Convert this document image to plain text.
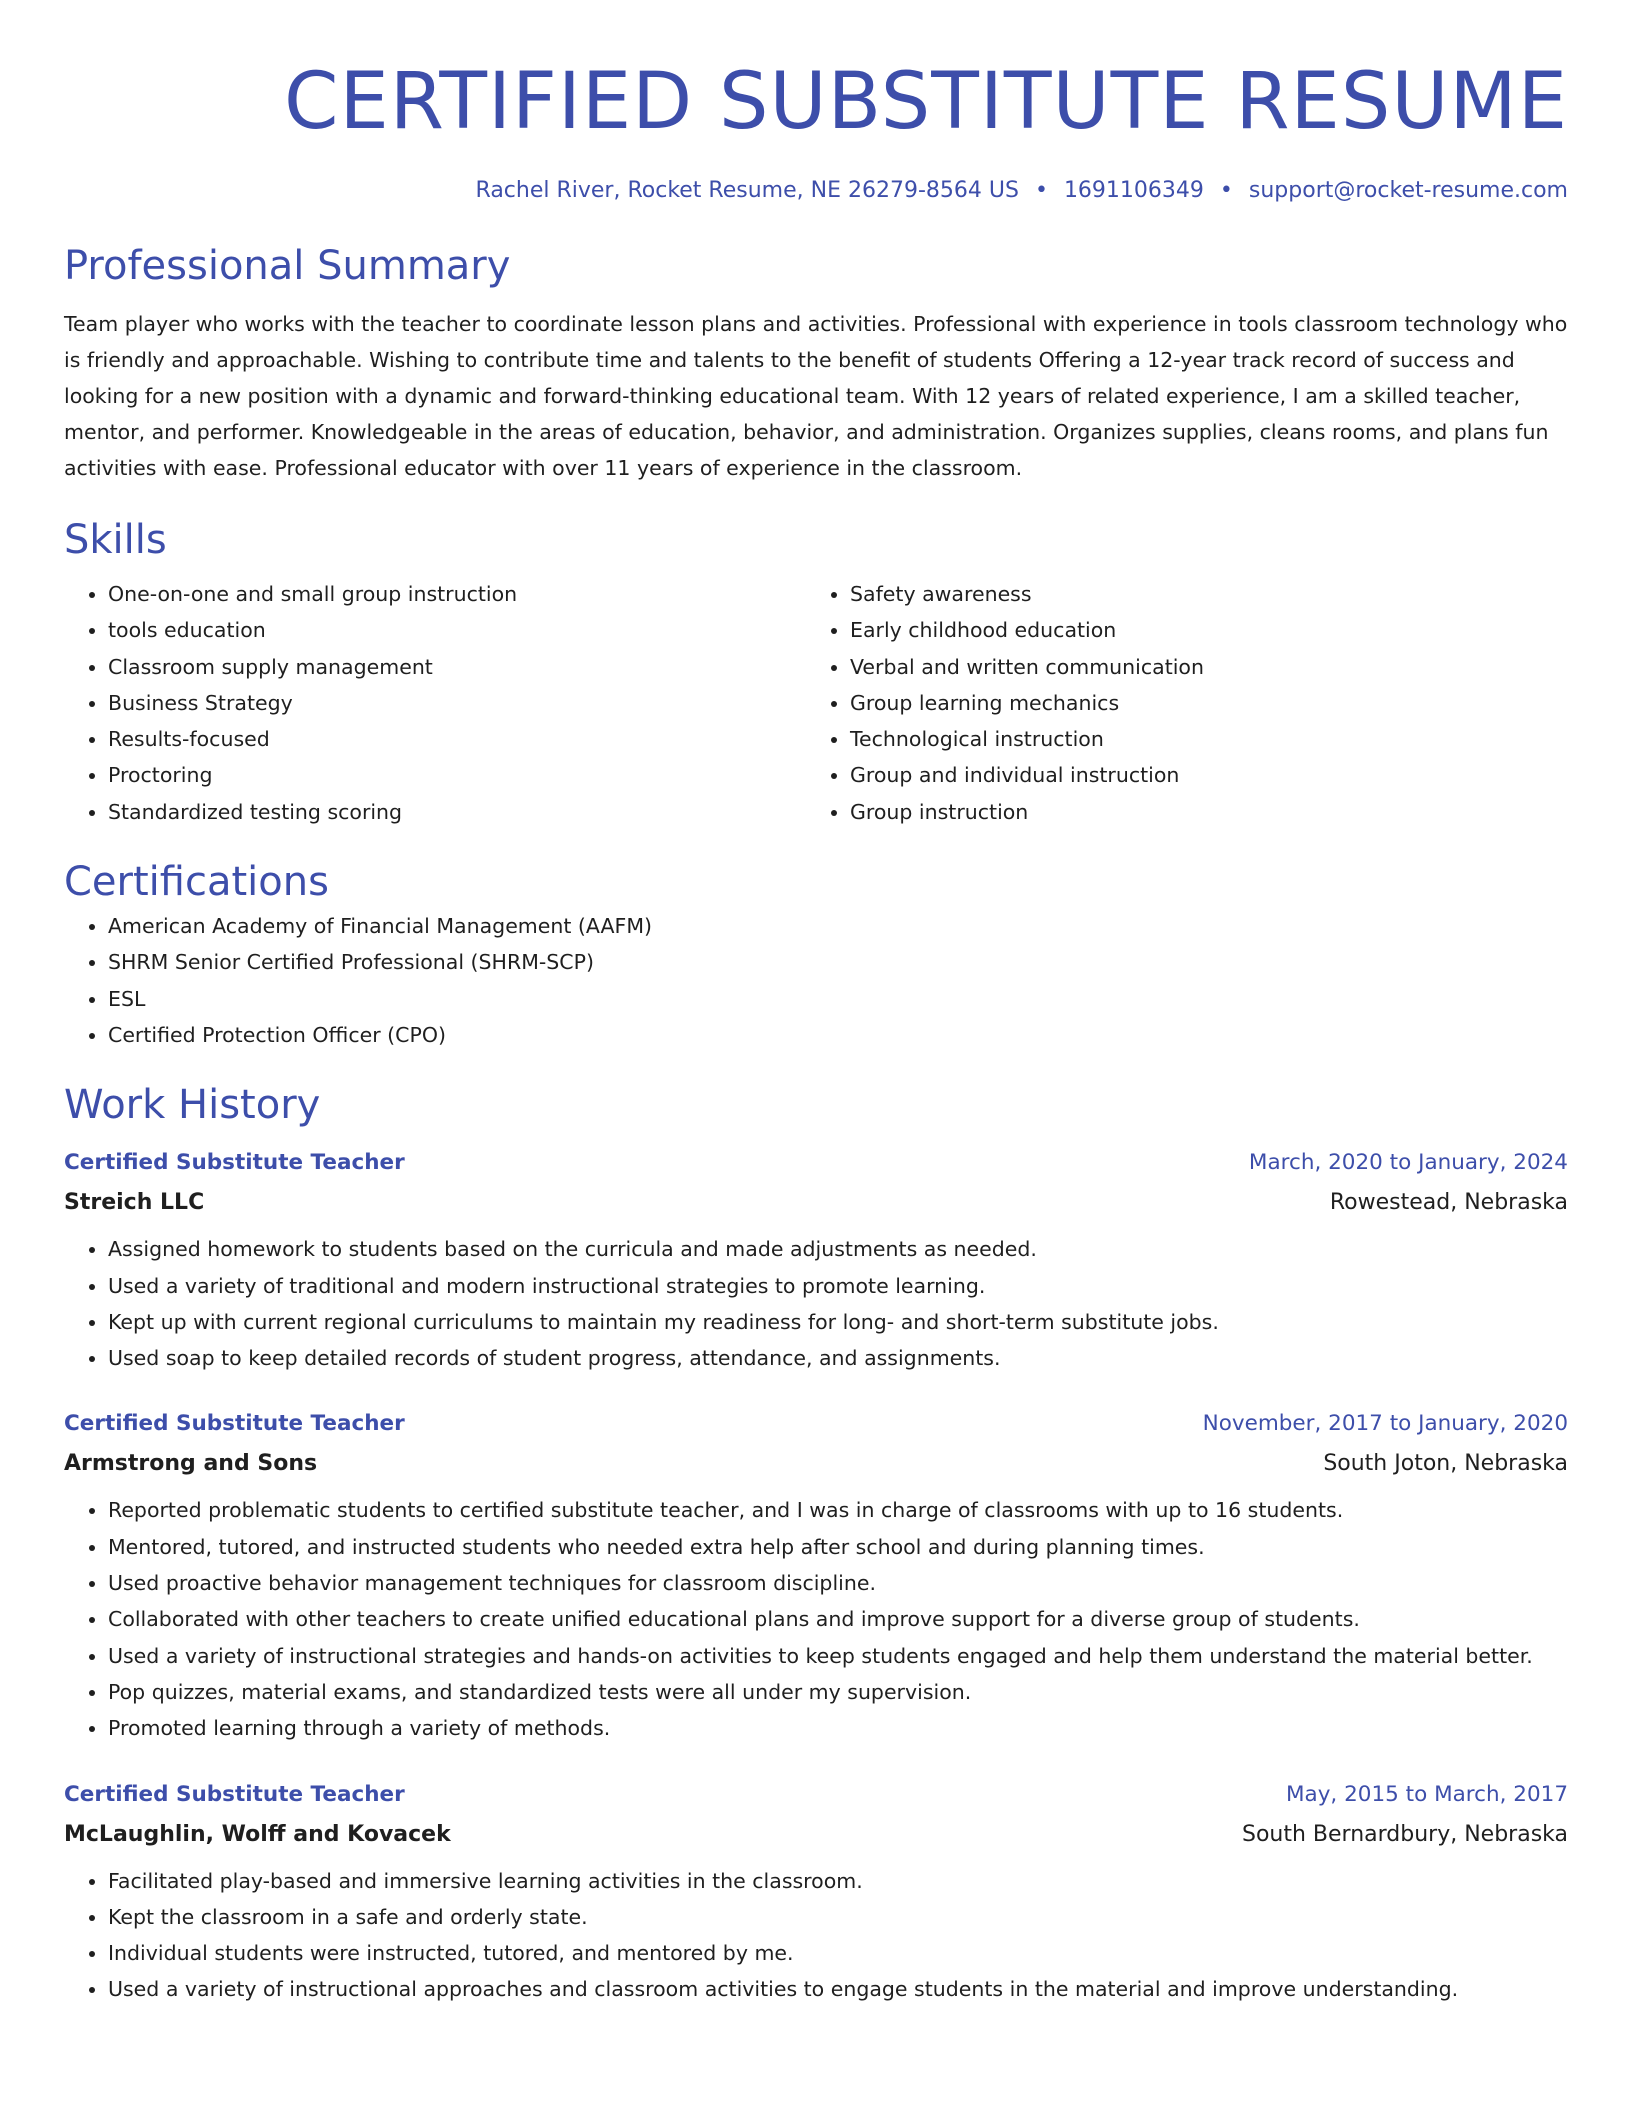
CERTIFIED SUBSTITUTE RESUME
Rachel River, Rocket Resume, NE 26279-8564 US • 1691106349 • support@rocket-resume.com
Professional Summary

Team player who works with the teacher to coordinate lesson plans and activities. Professional with experience in tools classroom technology who is friendly and approachable. Wishing to contribute time and talents to the benefit of students Offering a 12-year track record of success and looking for a new position with a dynamic and forward-thinking educational team. With 12 years of related experience, I am a skilled teacher, mentor, and performer. Knowledgeable in the areas of education, behavior, and administration. Organizes supplies, cleans rooms, and plans fun activities with ease. Professional educator with over 11 years of experience in the classroom.

Skills
• One-on-one and small group instruction
• tools education
• Classroom supply management
• Business Strategy
• Results-focused
• Proctoring
• Standardized testing scoring
• Safety awareness
• Early childhood education
• Verbal and written communication
• Group learning mechanics
• Technological instruction
• Group and individual instruction
• Group instruction
Certifications
• American Academy of Financial Management (AAFM)
• SHRM Senior Certified Professional (SHRM-SCP)
• ESL
• Certified Protection Officer (CPO)
Work History
Certified Substitute Teacher	March, 2020 to January, 2024
Streich LLC	Rowestead, Nebraska
• Assigned homework to students based on the curricula and made adjustments as needed.
• Used a variety of traditional and modern instructional strategies to promote learning.
• Kept up with current regional curriculums to maintain my readiness for long- and short-term substitute jobs.
• Used soap to keep detailed records of student progress, attendance, and assignments.
Certified Substitute Teacher	November, 2017 to January, 2020
Armstrong and Sons	South Joton, Nebraska
• Reported problematic students to certified substitute teacher, and I was in charge of classrooms with up to 16 students.
• Mentored, tutored, and instructed students who needed extra help after school and during planning times.
• Used proactive behavior management techniques for classroom discipline.
• Collaborated with other teachers to create unified educational plans and improve support for a diverse group of students.
• Used a variety of instructional strategies and hands-on activities to keep students engaged and help them understand the material better.
• Pop quizzes, material exams, and standardized tests were all under my supervision.
• Promoted learning through a variety of methods.
Certified Substitute Teacher	May, 2015 to March, 2017
McLaughlin, Wolff and Kovacek	South Bernardbury, Nebraska
• Facilitated play-based and immersive learning activities in the classroom.
• Kept the classroom in a safe and orderly state.
• Individual students were instructed, tutored, and mentored by me.
• Used a variety of instructional approaches and classroom activities to engage students in the material and improve understanding.
